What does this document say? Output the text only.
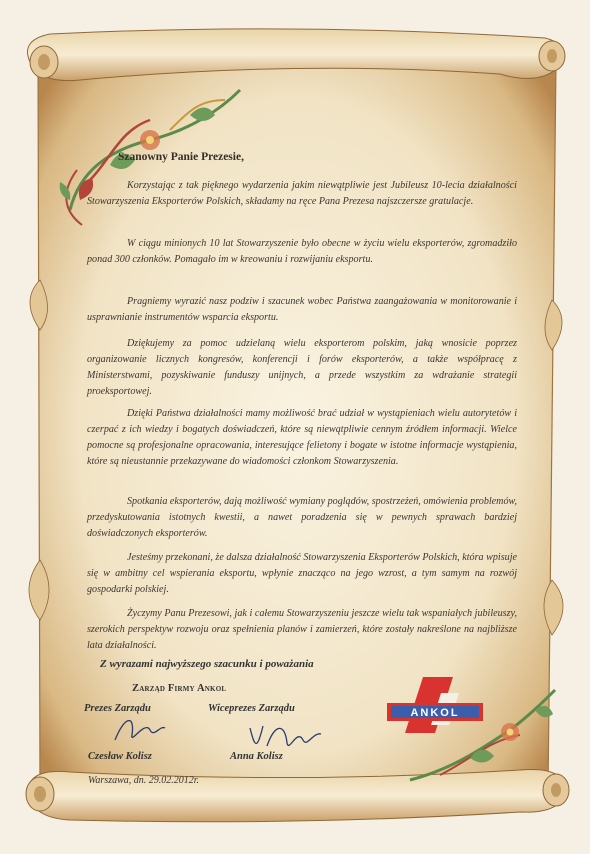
Szanowny Panie Prezesie,

Korzystając z tak pięknego wydarzenia jakim niewątpliwie jest Jubileusz 10-lecia działalności Stowarzyszenia Eksporterów Polskich, składamy na ręce Pana Prezesa najszczersze gratulacje.

W ciągu minionych 10 lat Stowarzyszenie było obecne w życiu wielu eksporterów, zgromadziło ponad 300 członków. Pomagało im w kreowaniu i rozwijaniu eksportu.

Pragniemy wyrazić nasz podziw i szacunek wobec Państwa zaangażowania w monitorowanie i usprawnianie instrumentów wsparcia eksportu.

Dziękujemy za pomoc udzielaną wielu eksporterom polskim, jaką wnosicie poprzez organizowanie licznych kongresów, konferencji i forów eksporterów, a także współpracę z Ministerstwami, pozyskiwanie funduszy unijnych, a przede wszystkim za wdrażanie strategii proeksportowej.

Dzięki Państwa działalności mamy możliwość brać udział w wystąpieniach wielu autorytetów i czerpać z ich wiedzy i bogatych doświadczeń, które są niewątpliwie cennym źródłem informacji. Wielce pomocne są profesjonalne opracowania, interesujące felietony i bogate w istotne informacje wystąpienia, które są nieustannie przekazywane do wiadomości członkom Stowarzyszenia.

Spotkania eksporterów, dają możliwość wymiany poglądów, spostrzeżeń, omówienia problemów, przedyskutowania istotnych kwestii, a nawet poradzenia się w pewnych sprawach bardziej doświadczonych eksporterów.

Jesteśmy przekonani, że dalsza działalność Stowarzyszenia Eksporterów Polskich, która wpisuje się w ambitny cel wspierania eksportu, wpłynie znacząco na jego wzrost, a tym samym na rozwój gospodarki polskiej.

Życzymy Panu Prezesowi, jak i całemu Stowarzyszeniu jeszcze wielu tak wspaniałych jubileuszy, szerokich perspektyw rozwoju oraz spełnienia planów i zamierzeń, które zostały nakreślone na najbliższe lata działalności.

Z wyrazami najwyższego szacunku i poważania
Zarząd Firmy Ankol
Prezes Zarządu	Wiceprezes Zarządu
Czesław Kolisz	Anna Kolisz
Warszawa, dn. 29.02.2012r.
ANKOL
